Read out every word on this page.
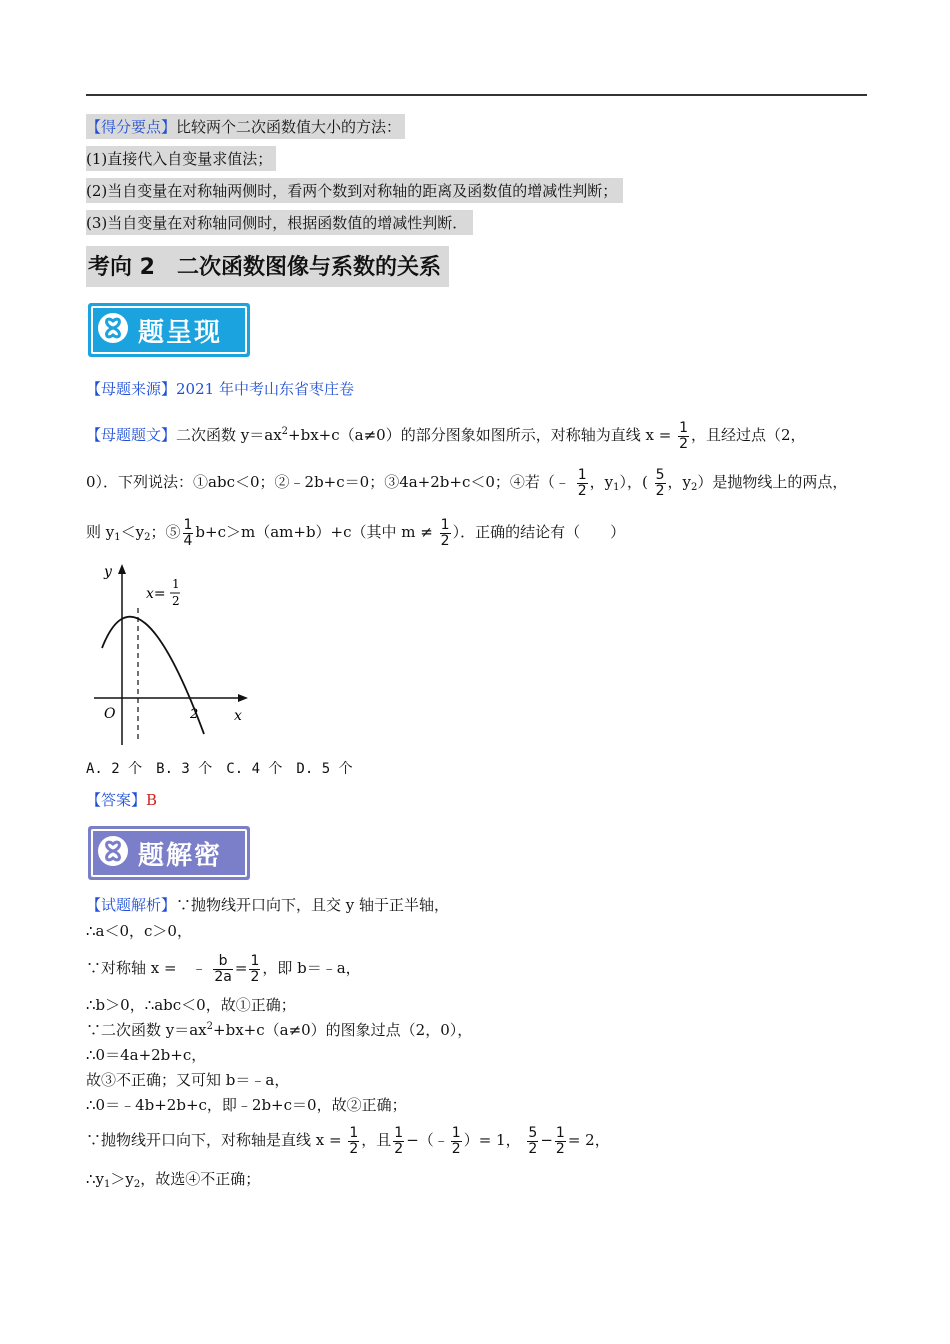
【得分要点】比较两个二次函数值大小的方法：
(1)直接代入自变量求值法；
(2)当自变量在对称轴两侧时，看两个数到对称轴的距离及函数值的增减性判断；
(3)当自变量在对称轴同侧时，根据函数值的增减性判断．
考向 2　二次函数图像与系数的关系
题呈现
【母题来源】2021 年中考山东省枣庄卷
【母题题文】二次函数 $y=ax^2+bx+c(a\ne 0)$的部分图象如图所示，对称轴为直线 $x = \frac{1}{2}$ ，且经过点（2，
0）．下列说法：①abc＜0；②﹣2b+c＝0；③4a+2b+c＜0；④若（﹣ $\frac{1}{2}$ ，$y_1$），( $\frac{5}{2}$ ，$y_2$）是抛物线上的两点，
则 $y_1<y_2$；⑤ $\frac{1}{4} b+c>m(am+b)+c$（其中 $m \ne \frac{1}{2}$ ）．正确的结论有（　　）
y
x
O	2
x=
1
2
A. 2 个　B. 3 个　C. 4 个　D. 5 个
【答案】B
题解密
【试题解析】∵抛物线开口向下，且交 y 轴于正半轴，
∴a＜0，c＞0，
∵对称轴 x =　﹣ $\frac{b}{2a} = \frac{1}{2}$ ，即 b＝﹣a，
∴b＞0，∴abc＜0，故①正确；
∵二次函数 $y=ax^2+bx+c(a\ne 0)$的图象过点（2，0），
∴0＝4a+2b+c，
故③不正确；又可知 b＝﹣a，
∴0＝﹣4b+2b+c，即﹣2b+c＝0，故②正确；
∵抛物线开口向下，对称轴是直线 $x = \frac{1}{2}$ ，且 $\frac{1}{2}$ −（﹣ $\frac{1}{2}$ ）= 1， $\frac{5}{2} - \frac{1}{2} = 2$，
$\therefore y_1>y_2$，故选④不正确；
